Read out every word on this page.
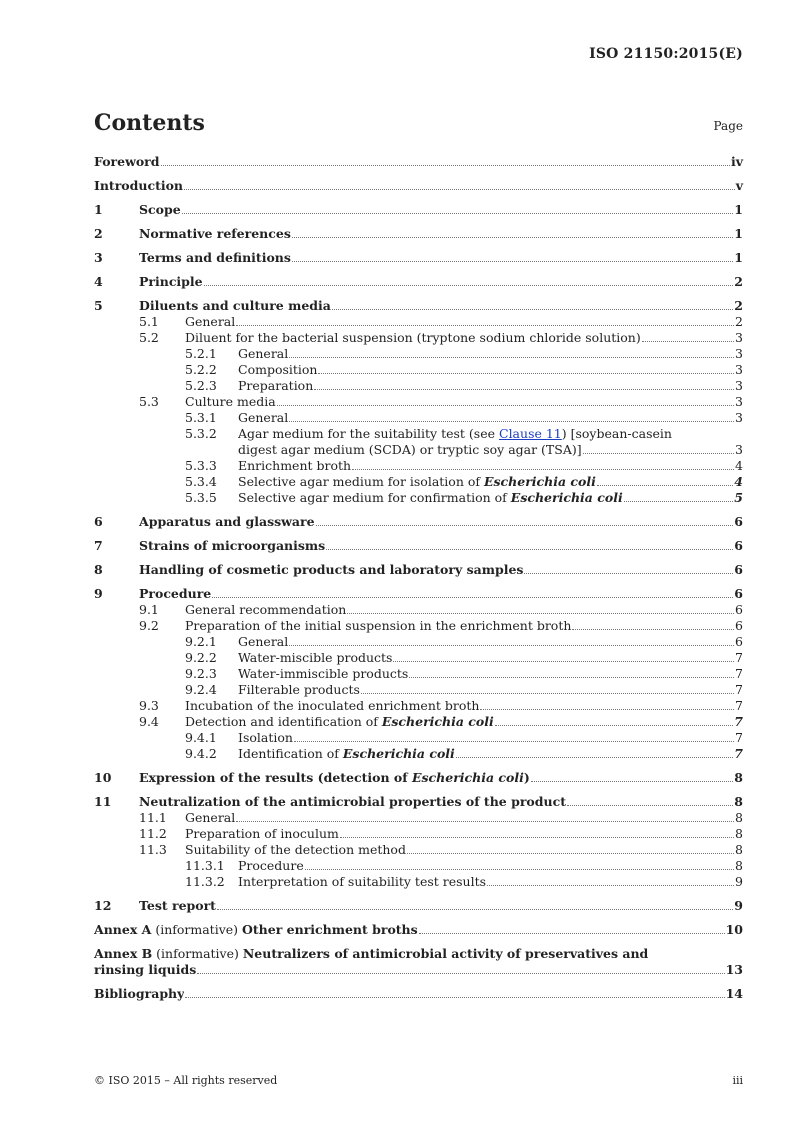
ISO 21150:2015(E)
Contents	Page
Foreword	iv
Introduction	v
1	Scope	1
2	Normative references	1
3	Terms and definitions	1
4	Principle	2
5	Diluents and culture media	2
5.1	General	2
5.2	Diluent for the bacterial suspension (tryptone sodium chloride solution)	3
5.2.1	General	3
5.2.2	Composition	3
5.2.3	Preparation	3
5.3	Culture media	3
5.3.1	General	3
5.3.2	Agar medium for the suitability test (see Clause 11) [soybean-casein
digest agar medium (SCDA) or tryptic soy agar (TSA)]	3
5.3.3	Enrichment broth	4
5.3.4	Selective agar medium for isolation of Escherichia coli	4
5.3.5	Selective agar medium for confirmation of Escherichia coli	5
6	Apparatus and glassware	6
7	Strains of microorganisms	6
8	Handling of cosmetic products and laboratory samples	6
9	Procedure	6
9.1	General recommendation	6
9.2	Preparation of the initial suspension in the enrichment broth	6
9.2.1	General	6
9.2.2	Water-miscible products	7
9.2.3	Water-immiscible products	7
9.2.4	Filterable products	7
9.3	Incubation of the inoculated enrichment broth	7
9.4	Detection and identification of Escherichia coli	7
9.4.1	Isolation	7
9.4.2	Identification of Escherichia coli	7
10	Expression of the results (detection of Escherichia coli)	8
11	Neutralization of the antimicrobial properties of the product	8
11.1	General	8
11.2	Preparation of inoculum	8
11.3	Suitability of the detection method	8
11.3.1	Procedure	8
11.3.2	Interpretation of suitability test results	9
12	Test report	9
Annex A (informative) Other enrichment broths	10
Annex B (informative) Neutralizers of antimicrobial activity of preservatives and
rinsing liquids	13
Bibliography	14
© ISO 2015 – All rights reserved	iii
